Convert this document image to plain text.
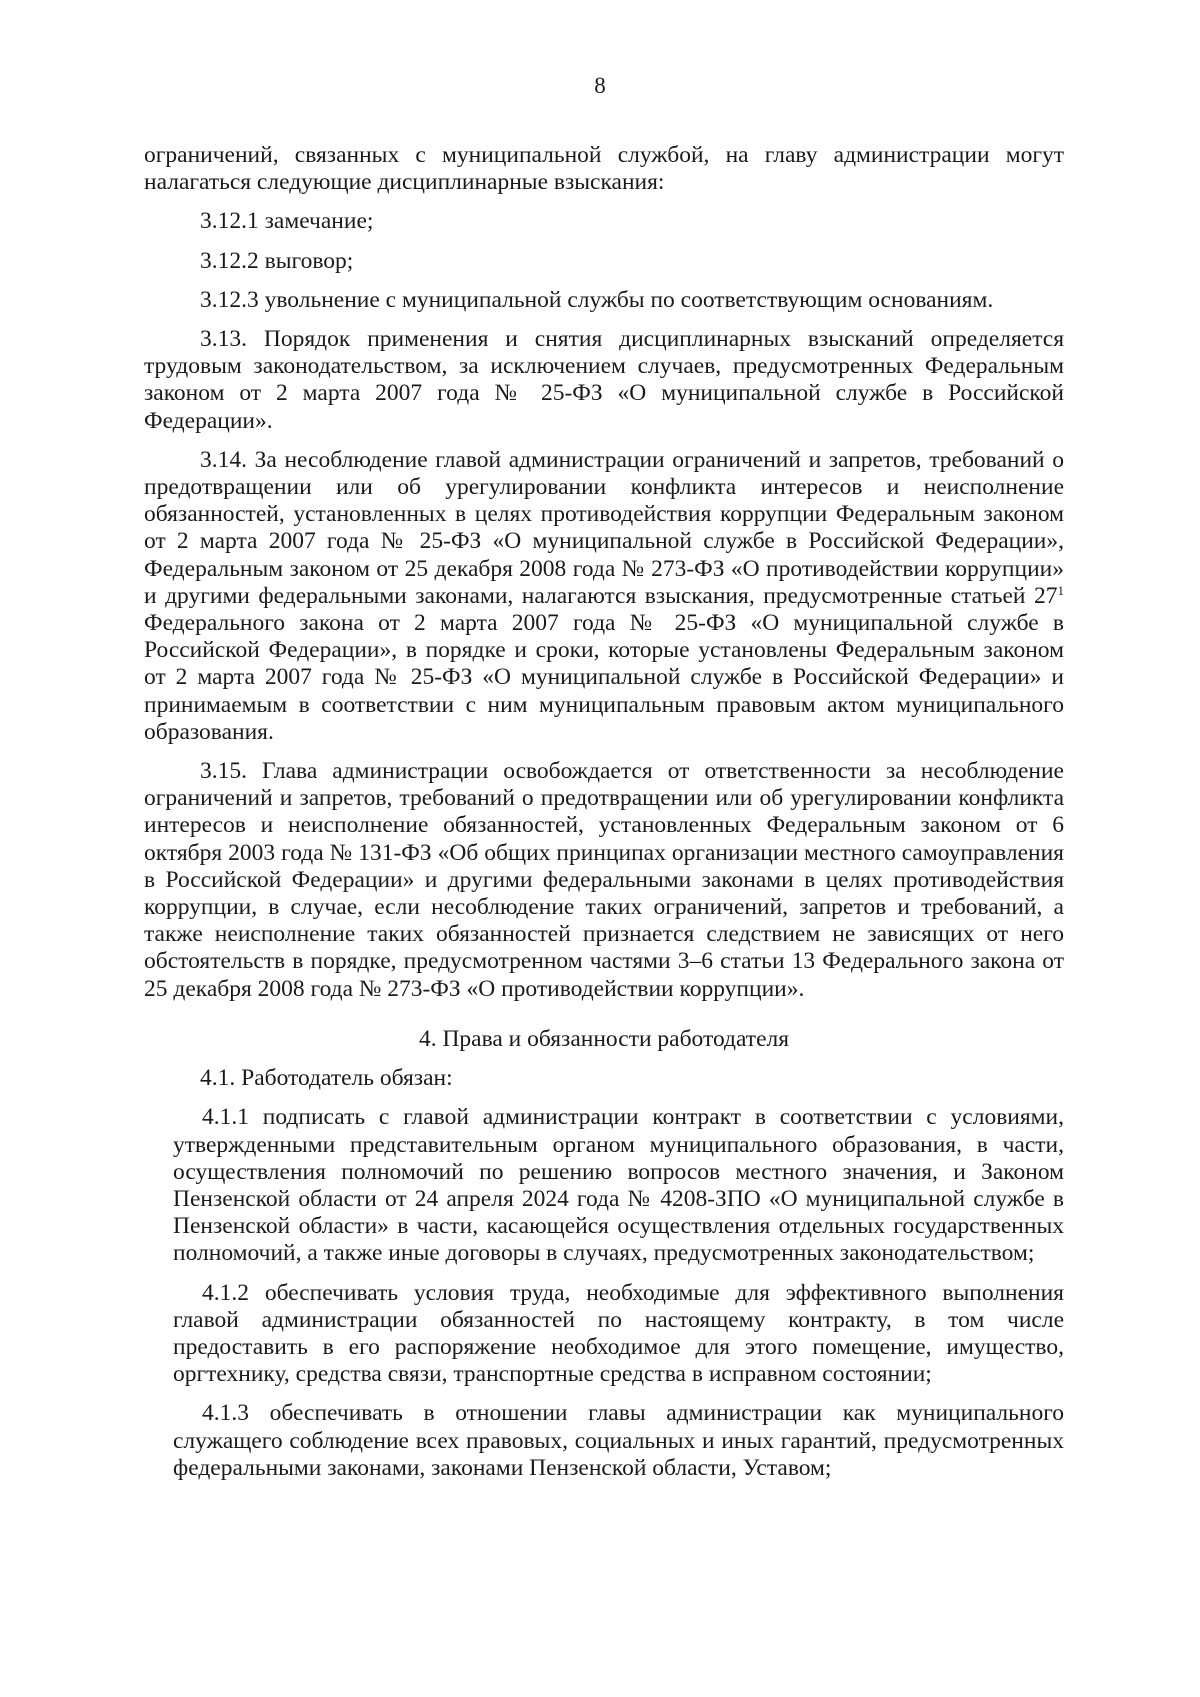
8

ограничений, связанных с муниципальной службой, на главу администрации могут налагаться следующие дисциплинарные взыскания:

3.12.1 замечание;

3.12.2 выговор;

3.12.3 увольнение с муниципальной службы по соответствующим основаниям.

3.13. Порядок применения и снятия дисциплинарных взысканий определяется трудовым законодательством, за исключением случаев, предусмотренных Федеральным законом от 2 марта 2007 года № 25-ФЗ «О муниципальной службе в Российской Федерации».

3.14. За несоблюдение главой администрации ограничений и запретов, требований о предотвращении или об урегулировании конфликта интересов и неисполнение обязанностей, установленных в целях противодействия коррупции Федеральным законом от 2 марта 2007 года № 25-ФЗ «О муниципальной службе в Российской Федерации», Федеральным законом от 25 декабря 2008 года № 273-ФЗ «О противодействии коррупции» и другими федеральными законами, налагаются взыскания, предусмотренные статьей $27^1$ Федерального закона от 2 марта 2007 года № 25-ФЗ «О муниципальной службе в Российской Федерации», в порядке и сроки, которые установлены Федеральным законом от 2 марта 2007 года № 25-ФЗ «О муниципальной службе в Российской Федерации» и принимаемым в соответствии с ним муниципальным правовым актом муниципального образования.

3.15. Глава администрации освобождается от ответственности за несоблюдение ограничений и запретов, требований о предотвращении или об урегулировании конфликта интересов и неисполнение обязанностей, установленных Федеральным законом от 6 октября 2003 года № 131-ФЗ «Об общих принципах организации местного самоуправления в Российской Федерации» и другими федеральными законами в целях противодействия коррупции, в случае, если несоблюдение таких ограничений, запретов и требований, а также неисполнение таких обязанностей признается следствием не зависящих от него обстоятельств в порядке, предусмотренном частями 3–6 статьи 13 Федерального закона от 25 декабря 2008 года № 273-ФЗ «О противодействии коррупции».

4. Права и обязанности работодателя

4.1. Работодатель обязан:

4.1.1 подписать с главой администрации контракт в соответствии с условиями, утвержденными представительным органом муниципального образования, в части, осуществления полномочий по решению вопросов местного значения, и Законом Пензенской области от 24 апреля 2024 года № 4208-ЗПО «О муниципальной службе в Пензенской области» в части, касающейся осуществления отдельных государственных полномочий, а также иные договоры в случаях, предусмотренных законодательством;

4.1.2 обеспечивать условия труда, необходимые для эффективного выполнения главой администрации обязанностей по настоящему контракту, в том числе предоставить в его распоряжение необходимое для этого помещение, имущество, оргтехнику, средства связи, транспортные средства в исправном состоянии;

4.1.3 обеспечивать в отношении главы администрации как муниципального служащего соблюдение всех правовых, социальных и иных гарантий, предусмотренных федеральными законами, законами Пензенской области, Уставом;
